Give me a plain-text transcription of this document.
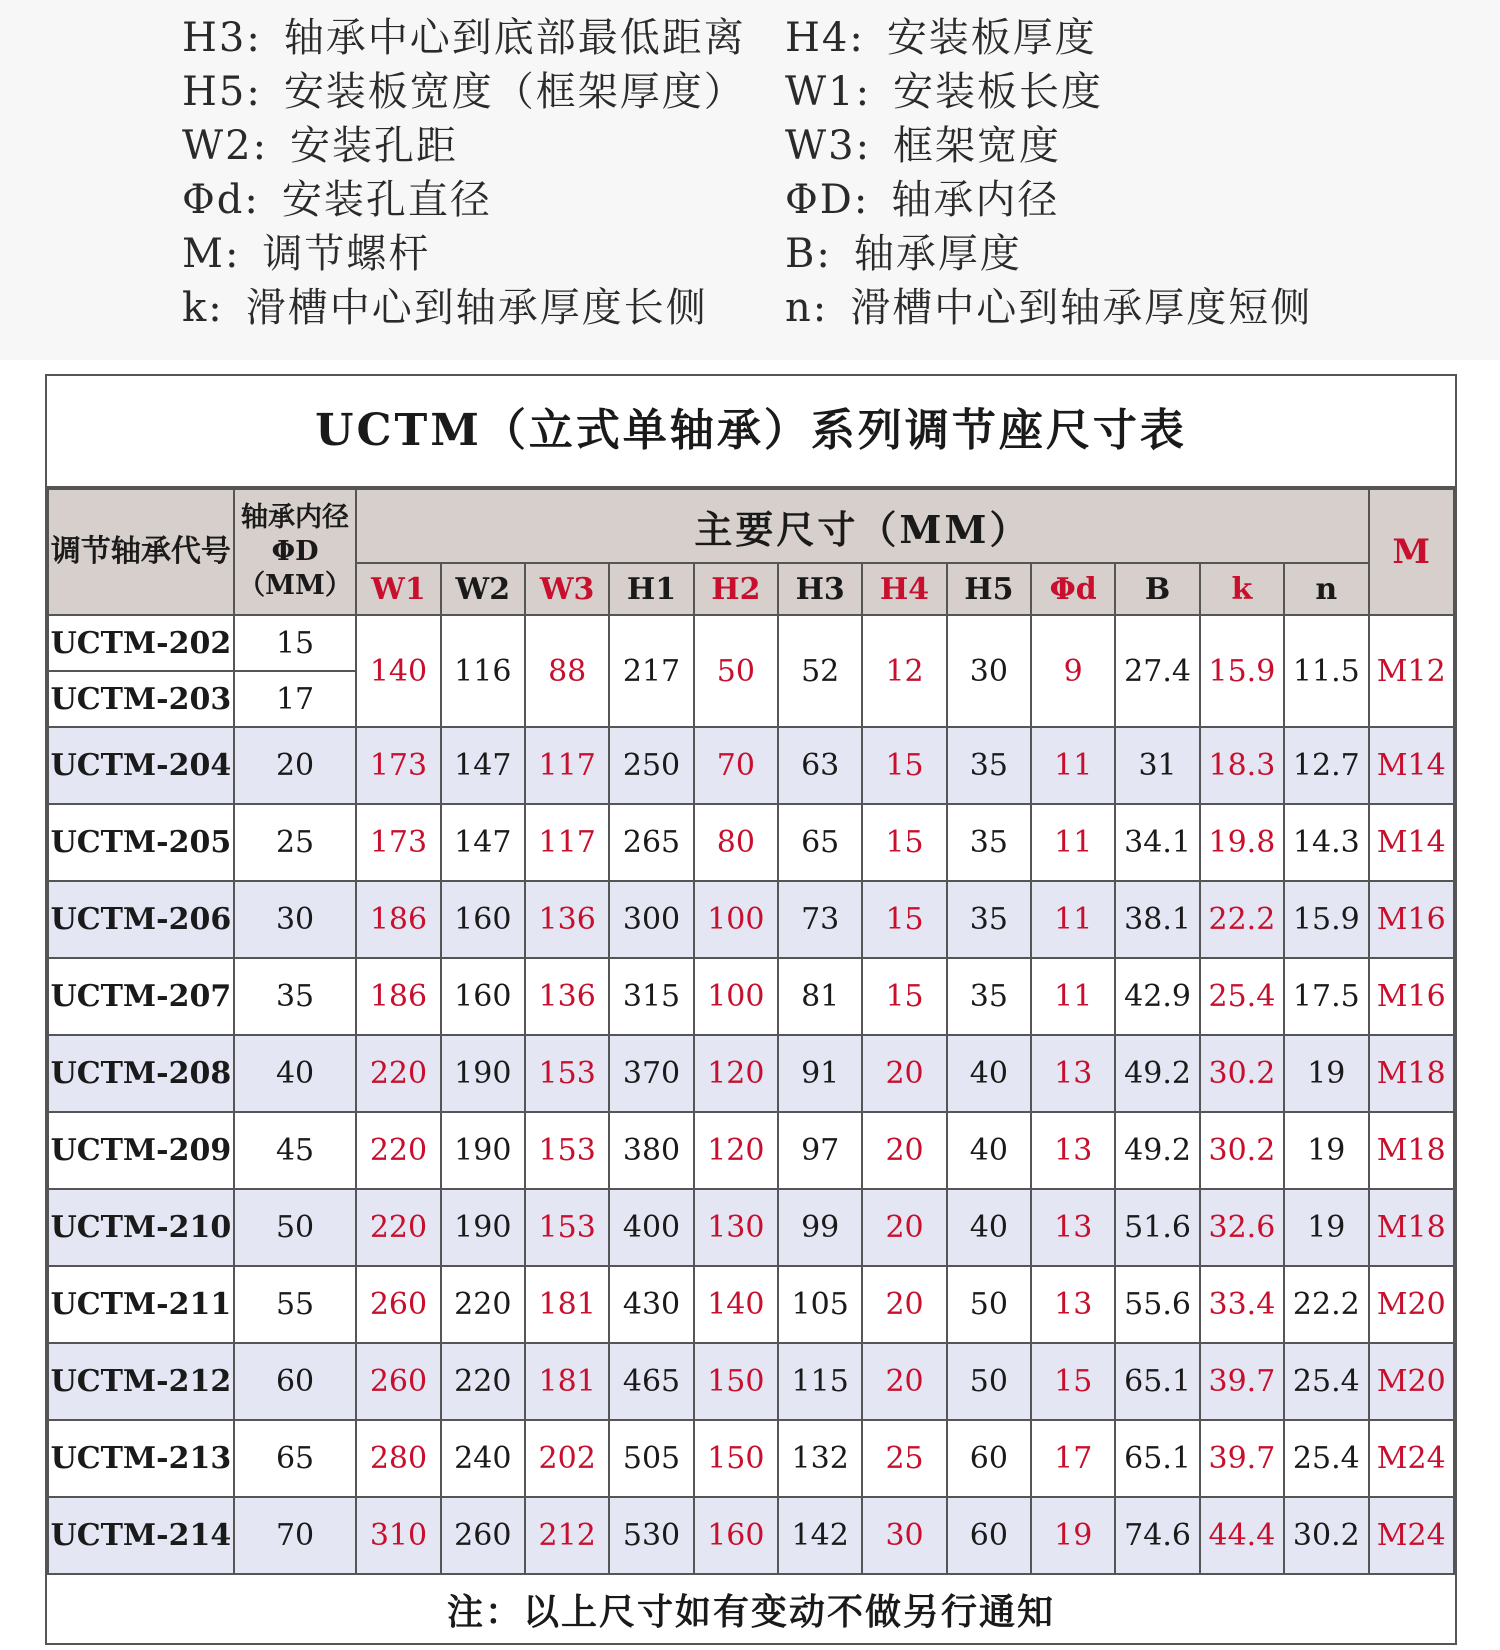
H3: 轴承中心到底部最低距离 H4: 安装板厚度
H5: 安装板宽度（框架厚度） W1: 安装板长度
W2: 安装孔距	W3: 框架宽度
Φd: 安装孔直径	ΦD: 轴承内径
M: 调节螺杆	B: 轴承厚度
k: 滑槽中心到轴承厚度长侧 n: 滑槽中心到轴承厚度短侧
UCTM（立式单轴承）系列调节座尺寸表
调节轴承代号	轴承内径ΦD（MM）	主要尺寸（MM）												M
		W1	W2	W3	H1	H2	H3	H4	H5	Φd	B	k	n	
UCTM-202	15	140	116	88	217	50	52	12	30	9	27.4	15.9	11.5	M12
UCTM-203	17													
UCTM-204	20	173	147	117	250	70	63	15	35	11	31	18.3	12.7	M14
UCTM-205	25	173	147	117	265	80	65	15	35	11	34.1	19.8	14.3	M14
UCTM-206	30	186	160	136	300	100	73	15	35	11	38.1	22.2	15.9	M16
UCTM-207	35	186	160	136	315	100	81	15	35	11	42.9	25.4	17.5	M16
UCTM-208	40	220	190	153	370	120	91	20	40	13	49.2	30.2	19	M18
UCTM-209	45	220	190	153	380	120	97	20	40	13	49.2	30.2	19	M18
UCTM-210	50	220	190	153	400	130	99	20	40	13	51.6	32.6	19	M18
UCTM-211	55	260	220	181	430	140	105	20	50	13	55.6	33.4	22.2	M20
UCTM-212	60	260	220	181	465	150	115	20	50	15	65.1	39.7	25.4	M20
UCTM-213	65	280	240	202	505	150	132	25	60	17	65.1	39.7	25.4	M24
UCTM-214	70	310	260	212	530	160	142	30	60	19	74.6	44.4	30.2	M24
注：以上尺寸如有变动不做另行通知
